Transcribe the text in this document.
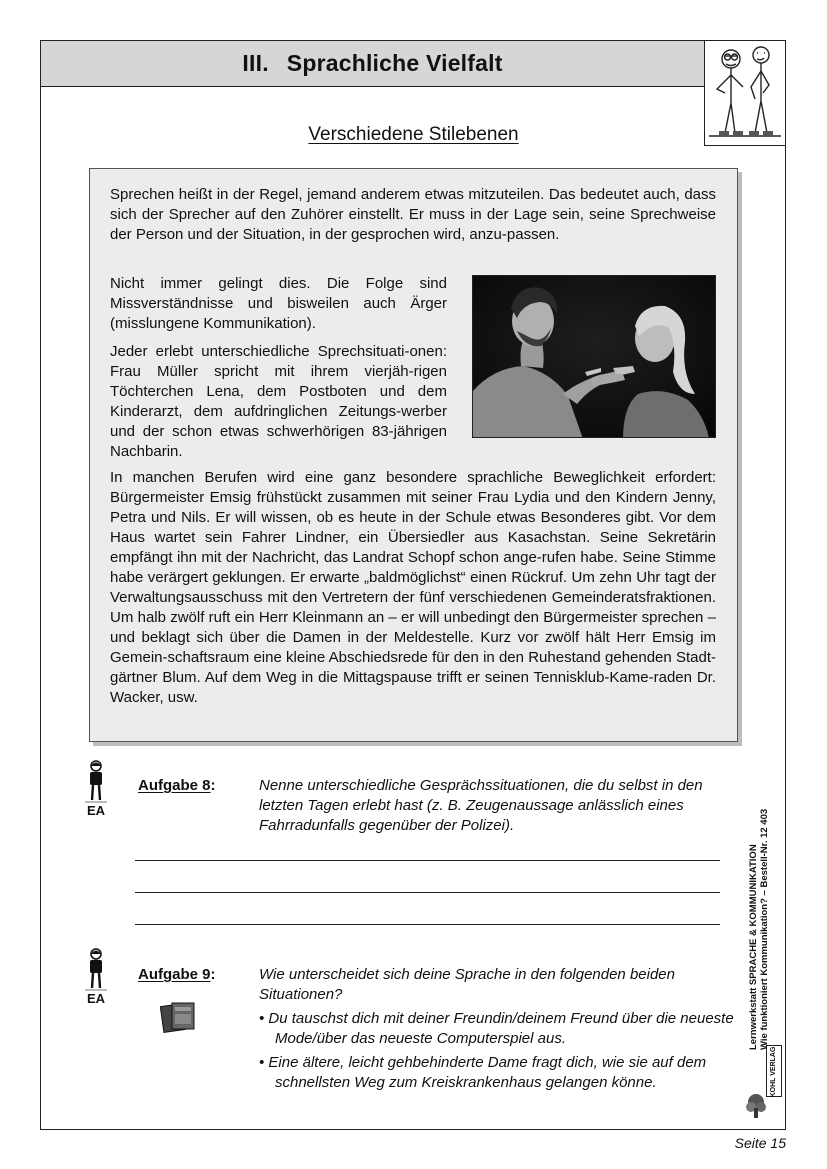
III. Sprachliche Vielfalt
Verschiedene Stilebenen
Sprechen heißt in der Regel, jemand anderem etwas mitzuteilen. Das bedeutet auch, dass sich der Sprecher auf den Zuhörer einstellt. Er muss in der Lage sein, seine Sprechweise der Person und der Situation, in der gesprochen wird, anzu-passen.
Nicht immer gelingt dies. Die Folge sind Missverständnisse und bisweilen auch Ärger (misslungene Kommunikation).
Jeder erlebt unterschiedliche Sprechsituati-onen: Frau Müller spricht mit ihrem vierjäh-rigen Töchterchen Lena, dem Postboten und dem Kinderarzt, dem aufdringlichen Zeitungs-werber und der schon etwas schwerhörigen 83-jährigen Nachbarin.
In manchen Berufen wird eine ganz besondere sprachliche Beweglichkeit erfordert: Bürgermeister Emsig frühstückt zusammen mit seiner Frau Lydia und den Kindern Jenny, Petra und Nils. Er will wissen, ob es heute in der Schule etwas Besonderes gibt. Vor dem Haus wartet sein Fahrer Lindner, ein Übersiedler aus Kasachstan. Seine Sekretärin empfängt ihn mit der Nachricht, das Landrat Schopf schon ange-rufen habe. Seine Stimme habe verärgert geklungen. Er erwarte „baldmöglichst“ einen Rückruf. Um zehn Uhr tagt der Verwaltungsausschuss mit den Vertretern der fünf verschiedenen Gemeinderatsfraktionen. Um halb zwölf ruft ein Herr Kleinmann an – er will unbedingt den Bürgermeister sprechen – und beklagt sich über die Damen in der Meldestelle. Kurz vor zwölf hält Herr Emsig im Gemein-schaftsraum eine kleine Abschiedsrede für den in den Ruhestand gehenden Stadt-gärtner Blum. Auf dem Weg in die Mittagspause trifft er seinen Tennisklub-Kame-raden Dr. Wacker, usw.
EA
Aufgabe 8:	Nenne unterschiedliche Gesprächssituationen, die du selbst in den letzten Tagen erlebt hast (z. B. Zeugenaussage anlässlich eines Fahrradunfalls gegenüber der Polizei).
EA
Aufgabe 9:	Wie unterscheidet sich deine Sprache in den folgenden beiden Situationen?
• Du tauschst dich mit deiner Freundin/deinem Freund über die neueste Mode/über das neueste Computerspiel aus.
• Eine ältere, leicht gehbehinderte Dame fragt dich, wie sie auf dem schnellsten Weg zum Kreiskrankenhaus gelangen könne.
Lernwerkstatt SPRACHE & KOMMUNIKATION Wie funktioniert Kommunikation? – Bestell-Nr. 12 403
KOHL VERLAG
Seite 15
